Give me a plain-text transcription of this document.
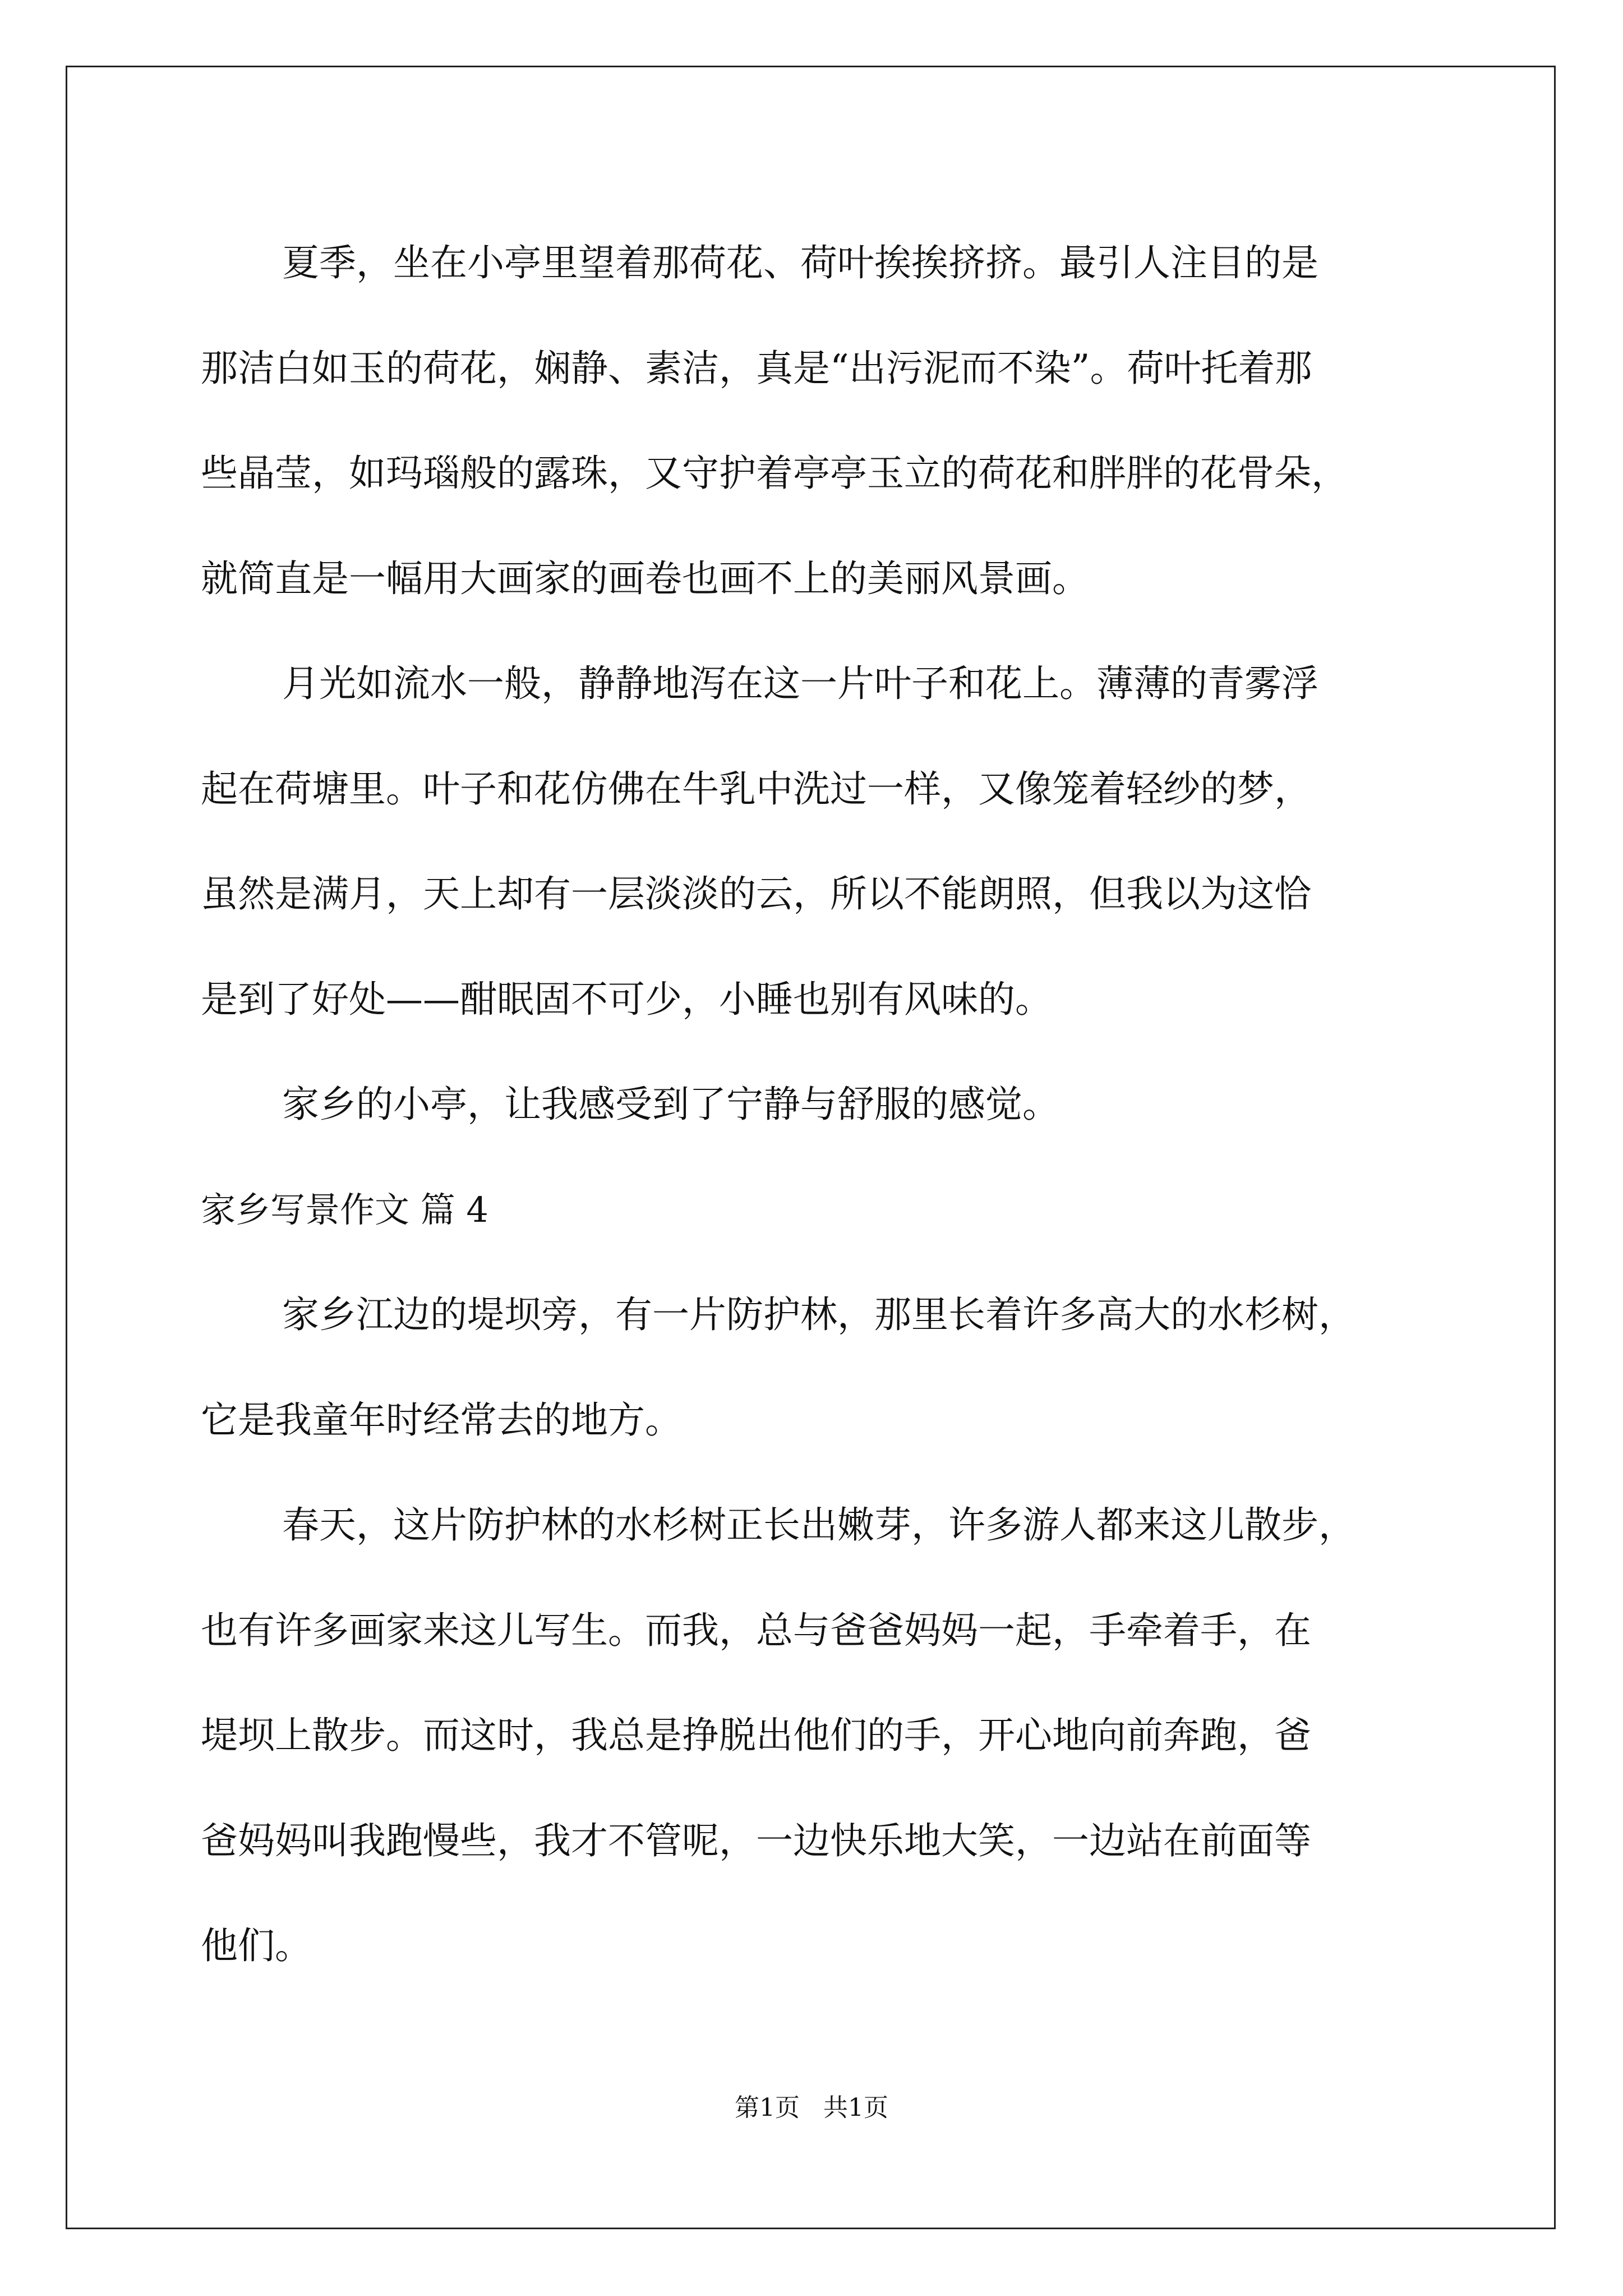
夏季，坐在小亭里望着那荷花、荷叶挨挨挤挤。最引人注目的是
那洁白如玉的荷花，娴静、素洁，真是“出污泥而不染”。荷叶托着那
些晶莹，如玛瑙般的露珠，又守护着亭亭玉立的荷花和胖胖的花骨朵，
就简直是一幅用大画家的画卷也画不上的美丽风景画。
月光如流水一般，静静地泻在这一片叶子和花上。薄薄的青雾浮
起在荷塘里。叶子和花仿佛在牛乳中洗过一样，又像笼着轻纱的梦，
虽然是满月，天上却有一层淡淡的云，所以不能朗照，但我以为这恰
是到了好处——酣眠固不可少，小睡也别有风味的。
家乡的小亭，让我感受到了宁静与舒服的感觉。
家乡写景作文 篇 4
家乡江边的堤坝旁，有一片防护林，那里长着许多高大的水杉树，
它是我童年时经常去的地方。
春天，这片防护林的水杉树正长出嫩芽，许多游人都来这儿散步，
也有许多画家来这儿写生。而我，总与爸爸妈妈一起，手牵着手，在
堤坝上散步。而这时，我总是挣脱出他们的手，开心地向前奔跑，爸
爸妈妈叫我跑慢些，我才不管呢，一边快乐地大笑，一边站在前面等
他们。
第1页   共1页
